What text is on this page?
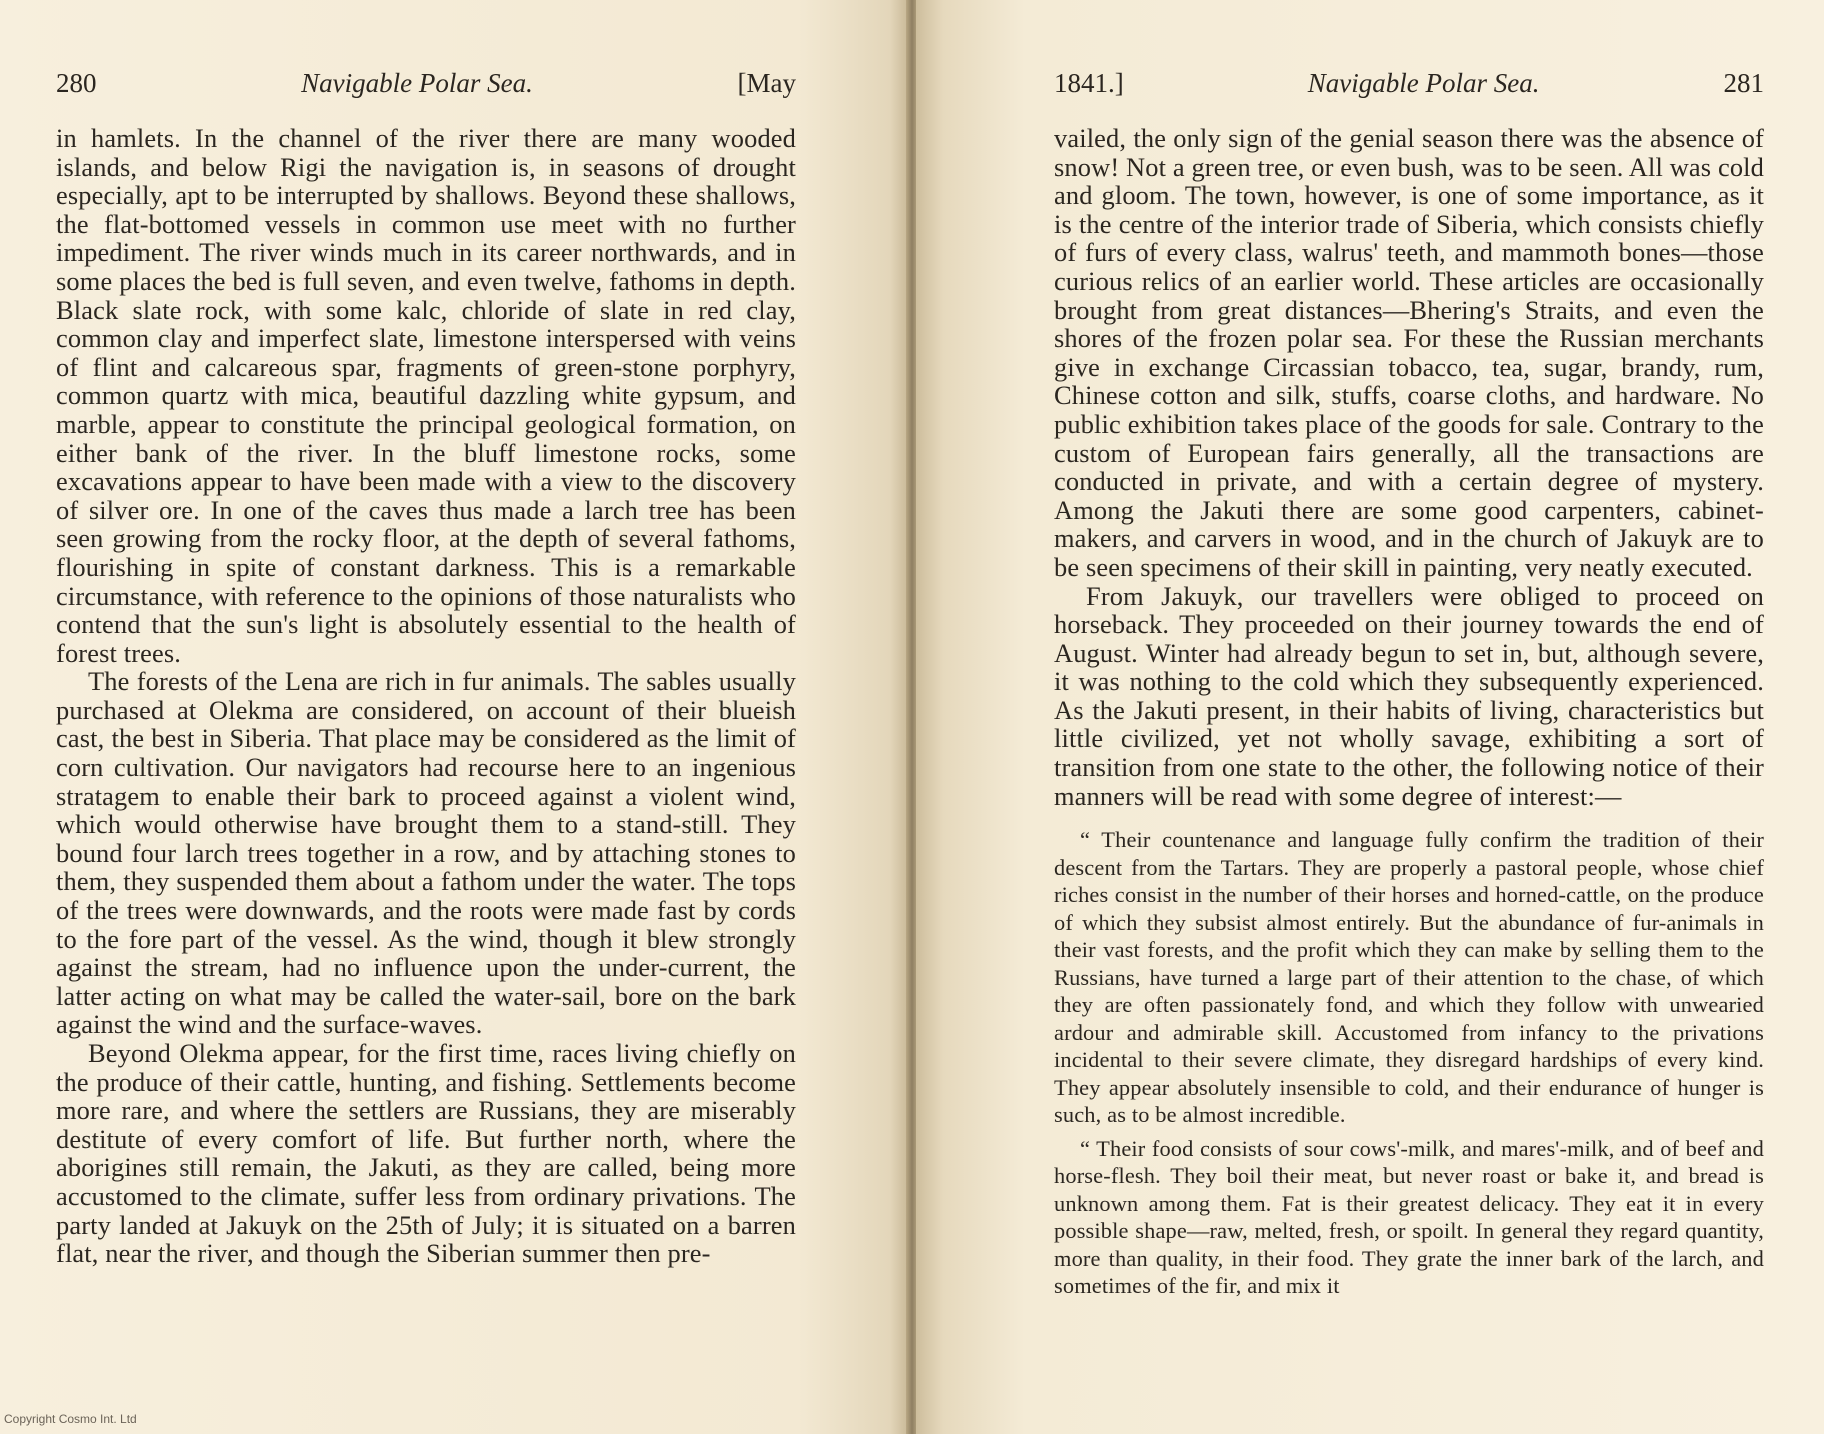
280	Navigable Polar Sea.	[May

in hamlets. In the channel of the river there are many wooded islands, and below Rigi the navigation is, in seasons of drought especially, apt to be interrupted by shallows. Beyond these shallows, the flat-bottomed vessels in common use meet with no further impediment. The river winds much in its career northwards, and in some places the bed is full seven, and even twelve, fathoms in depth. Black slate rock, with some kalc, chloride of slate in red clay, common clay and imperfect slate, limestone interspersed with veins of flint and calcareous spar, fragments of green-stone porphyry, common quartz with mica, beautiful dazzling white gypsum, and marble, appear to constitute the principal geological formation, on either bank of the river. In the bluff limestone rocks, some excavations appear to have been made with a view to the discovery of silver ore. In one of the caves thus made a larch tree has been seen growing from the rocky floor, at the depth of several fathoms, flourishing in spite of constant darkness. This is a remarkable circumstance, with reference to the opinions of those naturalists who contend that the sun's light is absolutely essential to the health of forest trees.

The forests of the Lena are rich in fur animals. The sables usually purchased at Olekma are considered, on account of their blueish cast, the best in Siberia. That place may be considered as the limit of corn cultivation. Our navigators had recourse here to an ingenious stratagem to enable their bark to proceed against a violent wind, which would otherwise have brought them to a stand-still. They bound four larch trees together in a row, and by attaching stones to them, they suspended them about a fathom under the water. The tops of the trees were downwards, and the roots were made fast by cords to the fore part of the vessel. As the wind, though it blew strongly against the stream, had no influence upon the under-current, the latter acting on what may be called the water-sail, bore on the bark against the wind and the surface-waves.

Beyond Olekma appear, for the first time, races living chiefly on the produce of their cattle, hunting, and fishing. Settlements become more rare, and where the settlers are Russians, they are miserably destitute of every comfort of life. But further north, where the aborigines still remain, the Jakuti, as they are called, being more accustomed to the climate, suffer less from ordinary privations. The party landed at Jakuyk on the 25th of July; it is situated on a barren flat, near the river, and though the Siberian summer then pre-

1841.]	Navigable Polar Sea.	281

vailed, the only sign of the genial season there was the absence of snow! Not a green tree, or even bush, was to be seen. All was cold and gloom. The town, however, is one of some importance, as it is the centre of the interior trade of Siberia, which consists chiefly of furs of every class, walrus' teeth, and mammoth bones—those curious relics of an earlier world. These articles are occasionally brought from great distances—Bhering's Straits, and even the shores of the frozen polar sea. For these the Russian merchants give in exchange Circassian tobacco, tea, sugar, brandy, rum, Chinese cotton and silk, stuffs, coarse cloths, and hardware. No public exhibition takes place of the goods for sale. Contrary to the custom of European fairs generally, all the transactions are conducted in private, and with a certain degree of mystery. Among the Jakuti there are some good carpenters, cabinet-makers, and carvers in wood, and in the church of Jakuyk are to be seen specimens of their skill in painting, very neatly executed.

From Jakuyk, our travellers were obliged to proceed on horseback. They proceeded on their journey towards the end of August. Winter had already begun to set in, but, although severe, it was nothing to the cold which they subsequently experienced. As the Jakuti present, in their habits of living, characteristics but little civilized, yet not wholly savage, exhibiting a sort of transition from one state to the other, the following notice of their manners will be read with some degree of interest:—

“ Their countenance and language fully confirm the tradition of their descent from the Tartars. They are properly a pastoral people, whose chief riches consist in the number of their horses and horned-cattle, on the produce of which they subsist almost entirely. But the abundance of fur-animals in their vast forests, and the profit which they can make by selling them to the Russians, have turned a large part of their attention to the chase, of which they are often passionately fond, and which they follow with unwearied ardour and admirable skill. Accustomed from infancy to the privations incidental to their severe climate, they disregard hardships of every kind. They appear absolutely insensible to cold, and their endurance of hunger is such, as to be almost incredible.

“ Their food consists of sour cows'-milk, and mares'-milk, and of beef and horse-flesh. They boil their meat, but never roast or bake it, and bread is unknown among them. Fat is their greatest delicacy. They eat it in every possible shape—raw, melted, fresh, or spoilt. In general they regard quantity, more than quality, in their food. They grate the inner bark of the larch, and sometimes of the fir, and mix it

Copyright Cosmo Int. Ltd
